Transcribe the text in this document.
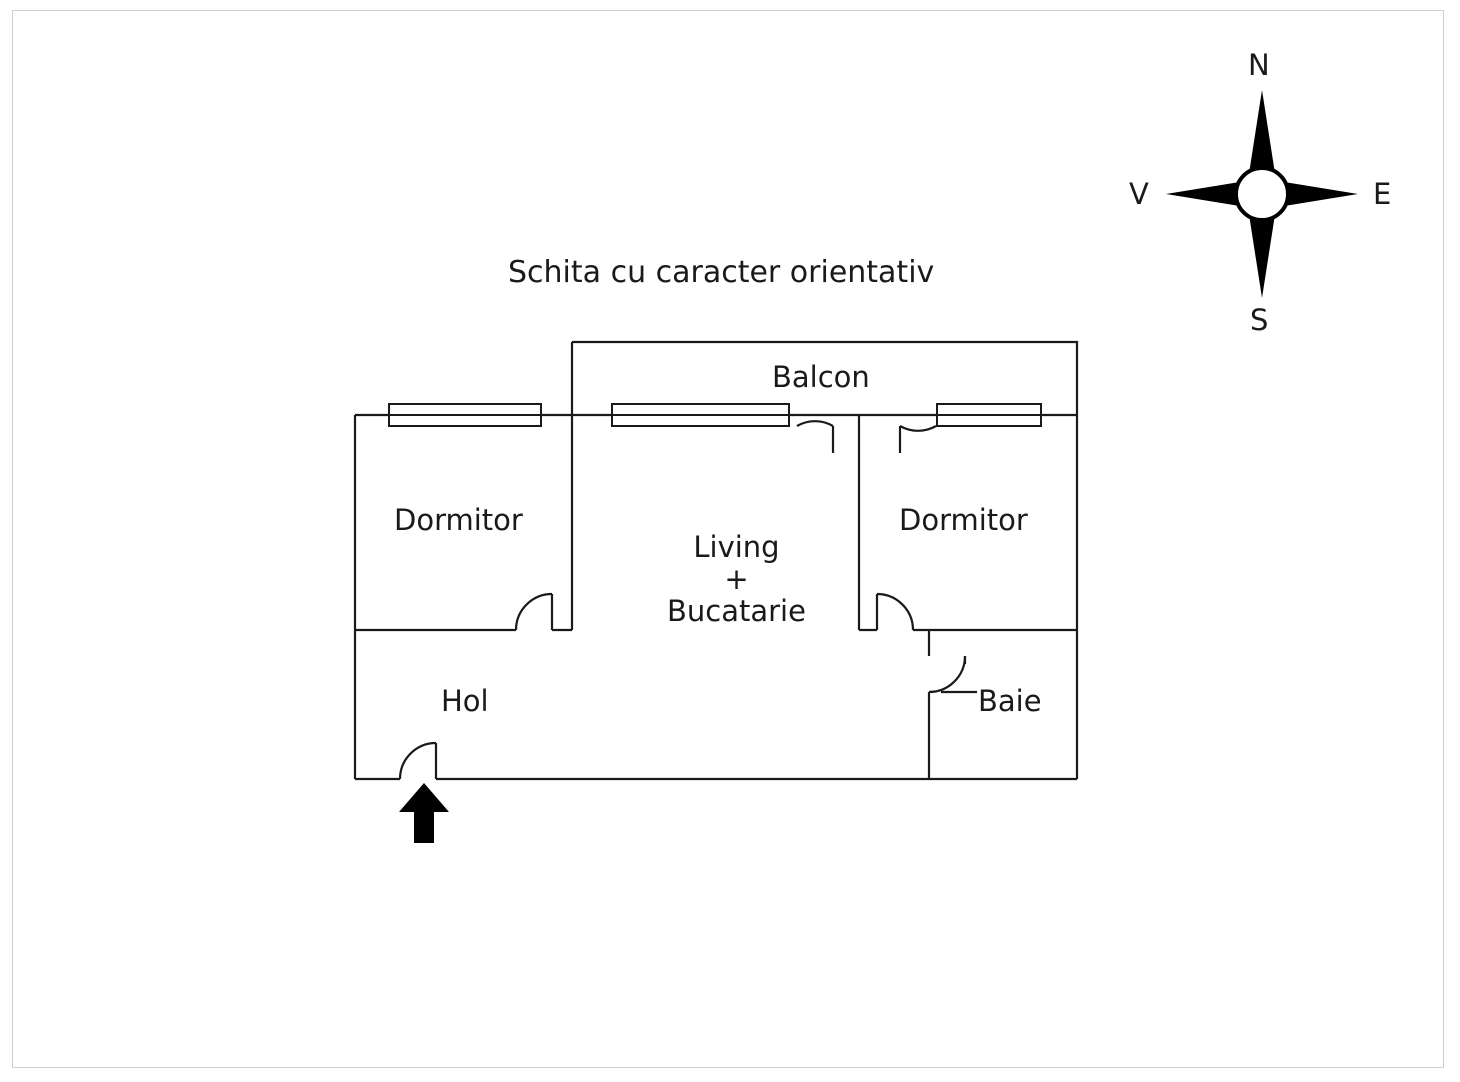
Schita cu caracter orientativ
Balcon
Dormitor	Dormitor
Living
+
Bucatarie
Hol	Baie
N
S
E
V
